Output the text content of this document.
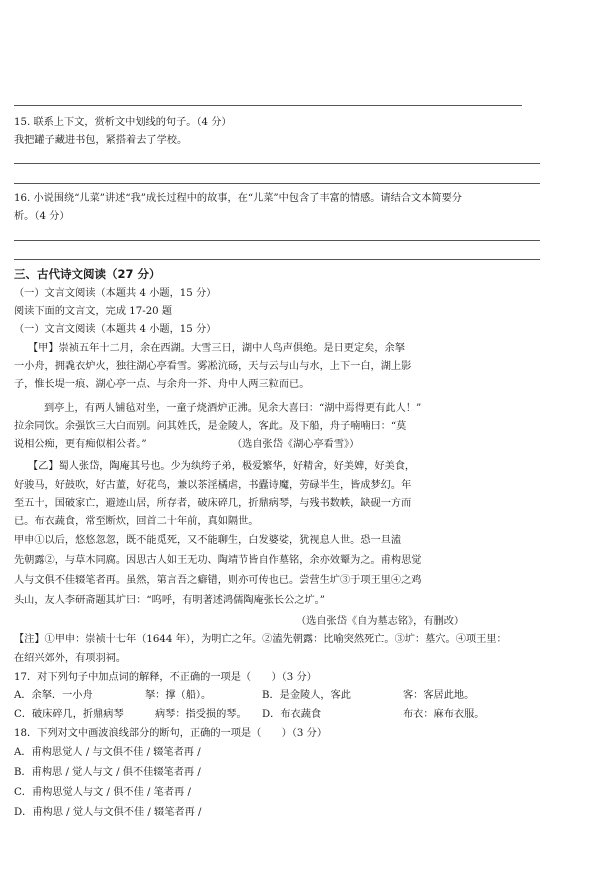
15. 联系上下文，赏析文中划线的句子。（4 分）
我把罐子藏进书包，紧搭着去了学校。
16. 小说围绕“儿菜”讲述“我”成长过程中的故事，在“儿菜”中包含了丰富的情感。请结合文本简要分
析。（4 分）
三、古代诗文阅读（27 分）
（一）文言文阅读（本题共 4 小题，15 分）
阅读下面的文言文，完成 17-20 题
（一）文言文阅读（本题共 4 小题，15 分）
【甲】崇祯五年十二月，余在西湖。大雪三日，湖中人鸟声俱绝。是日更定矣，余拏
一小舟，拥毳衣炉火，独往湖心亭看雪。雾凇沆砀，天与云与山与水，上下一白，湖上影
子，惟长堤一痕、湖心亭一点、与余舟一芥、舟中人两三粒而已。
到亭上，有两人铺毡对坐，一童子烧酒炉正沸。见余大喜曰：“湖中焉得更有此人！”
拉余同饮。余强饮三大白而别。问其姓氏，是金陵人，客此。及下船，舟子喃喃曰：“莫
说相公痴，更有痴似相公者。”	（选自张岱《湖心亭看雪》）
【乙】蜀人张岱，陶庵其号也。少为纨绔子弟，极爱繁华，好精舍，好美婢，好美食，
好骏马，好鼓吹，好古董，好花鸟，兼以茶淫橘虐，书蠹诗魔，劳碌半生，皆成梦幻。年
至五十，国破家亡，避迹山居，所存者，破床碎几，折鼎病琴，与残书数帙，缺砚一方而
已。布衣蔬食，常至断炊，回首二十年前，真如隔世。
甲申①以后，悠悠忽忽，既不能觅死，又不能聊生，白发婆娑，犹视息人世。恐一旦溘
先朝露②，与草木同腐。因思古人如王无功、陶靖节皆自作墓铭，余亦效颦为之。甫构思觉
人与文俱不佳辍笔者再。虽然，第言吾之癖错，则亦可传也已。尝营生圹③于项王里④之鸡
头山，友人李研斋题其圹曰：“呜呼，有明著述鸿儒陶庵张长公之圹。”
（选自张岱《自为墓志铭》，有删改）
【注】①甲申：崇祯十七年（1644 年），为明亡之年。②溘先朝露：比喻突然死亡。③圹：墓穴。④项王里：
在绍兴郊外，有项羽祠。
17．对下列句子中加点词的解释，不正确的一项是（　　）（3 分）
A．余拏．一小舟	拏：撑（船）。	B．是金陵人，客此	客：客居此地。
C．破床碎几，折鼎病琴	病琴：指受损的琴。 D．布衣蔬食	布衣：麻布衣服。
18．下列对文中画波浪线部分的断句，正确的一项是（　　）（3 分）
A．甫构思觉人 / 与文俱不佳 / 辍笔者再 /
B．甫构思 / 觉人与文 / 俱不佳辍笔者再 /
C．甫构思觉人与文 / 俱不佳 / 笔者再 /
D．甫构思 / 觉人与文俱不佳 / 辍笔者再 /
